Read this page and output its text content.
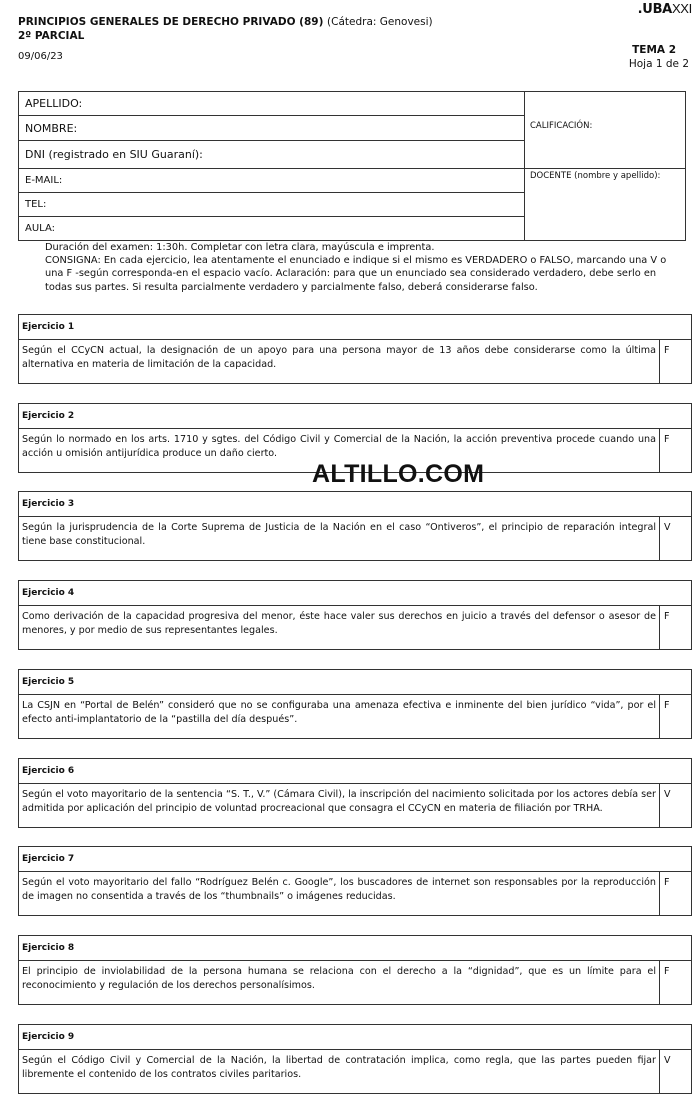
.UBAXXI
PRINCIPIOS GENERALES DE DERECHO PRIVADO (89) (Cátedra: Genovesi)
2º PARCIAL
09/06/23
TEMA 2
Hoja 1 de 2
APELLIDO:
NOMBRE:
DNI (registrado en SIU Guaraní):
E-MAIL:
TEL:
AULA:
CALIFICACIÓN:
DOCENTE (nombre y apellido):
Duración del examen: 1:30h. Completar con letra clara, mayúscula e imprenta.
CONSIGNA: En cada ejercicio, lea atentamente el enunciado e indique si el mismo es VERDADERO o FALSO, marcando una V o una F -según corresponda-en el espacio vacío. Aclaración: para que un enunciado sea considerado verdadero, debe serlo en todas sus partes. Si resulta parcialmente verdadero y parcialmente falso, deberá considerarse falso.
Ejercicio 1
Según el CCyCN actual, la designación de un apoyo para una persona mayor de 13 años debe considerarse como la última alternativa en materia de limitación de la capacidad.
F
Ejercicio 2
Según lo normado en los arts. 1710 y sgtes. del Código Civil y Comercial de la Nación, la acción preventiva procede cuando una acción u omisión antijurídica produce un daño cierto.
F
Ejercicio 3
Según la jurisprudencia de la Corte Suprema de Justicia de la Nación en el caso “Ontiveros”, el principio de reparación integral tiene base constitucional.
V
Ejercicio 4
Como derivación de la capacidad progresiva del menor, éste hace valer sus derechos en juicio a través del defensor o asesor de menores, y por medio de sus representantes legales.
F
Ejercicio 5
La CSJN en “Portal de Belén” consideró que no se configuraba una amenaza efectiva e inminente del bien jurídico “vida”, por el efecto anti-implantatorio de la “pastilla del día después”.
F
Ejercicio 6
Según el voto mayoritario de la sentencia “S. T., V.” (Cámara Civil), la inscripción del nacimiento solicitada por los actores debía ser admitida por aplicación del principio de voluntad procreacional que consagra el CCyCN en materia de filiación por TRHA.
V
Ejercicio 7
Según el voto mayoritario del fallo “Rodríguez Belén c. Google”, los buscadores de internet son responsables por la reproducción de imagen no consentida a través de los “thumbnails” o imágenes reducidas.
F
Ejercicio 8
El principio de inviolabilidad de la persona humana se relaciona con el derecho a la “dignidad”, que es un límite para el reconocimiento y regulación de los derechos personalísimos.
F
Ejercicio 9
Según el Código Civil y Comercial de la Nación, la libertad de contratación implica, como regla, que las partes pueden fijar libremente el contenido de los contratos civiles paritarios.
V
ALTILLO.COM
